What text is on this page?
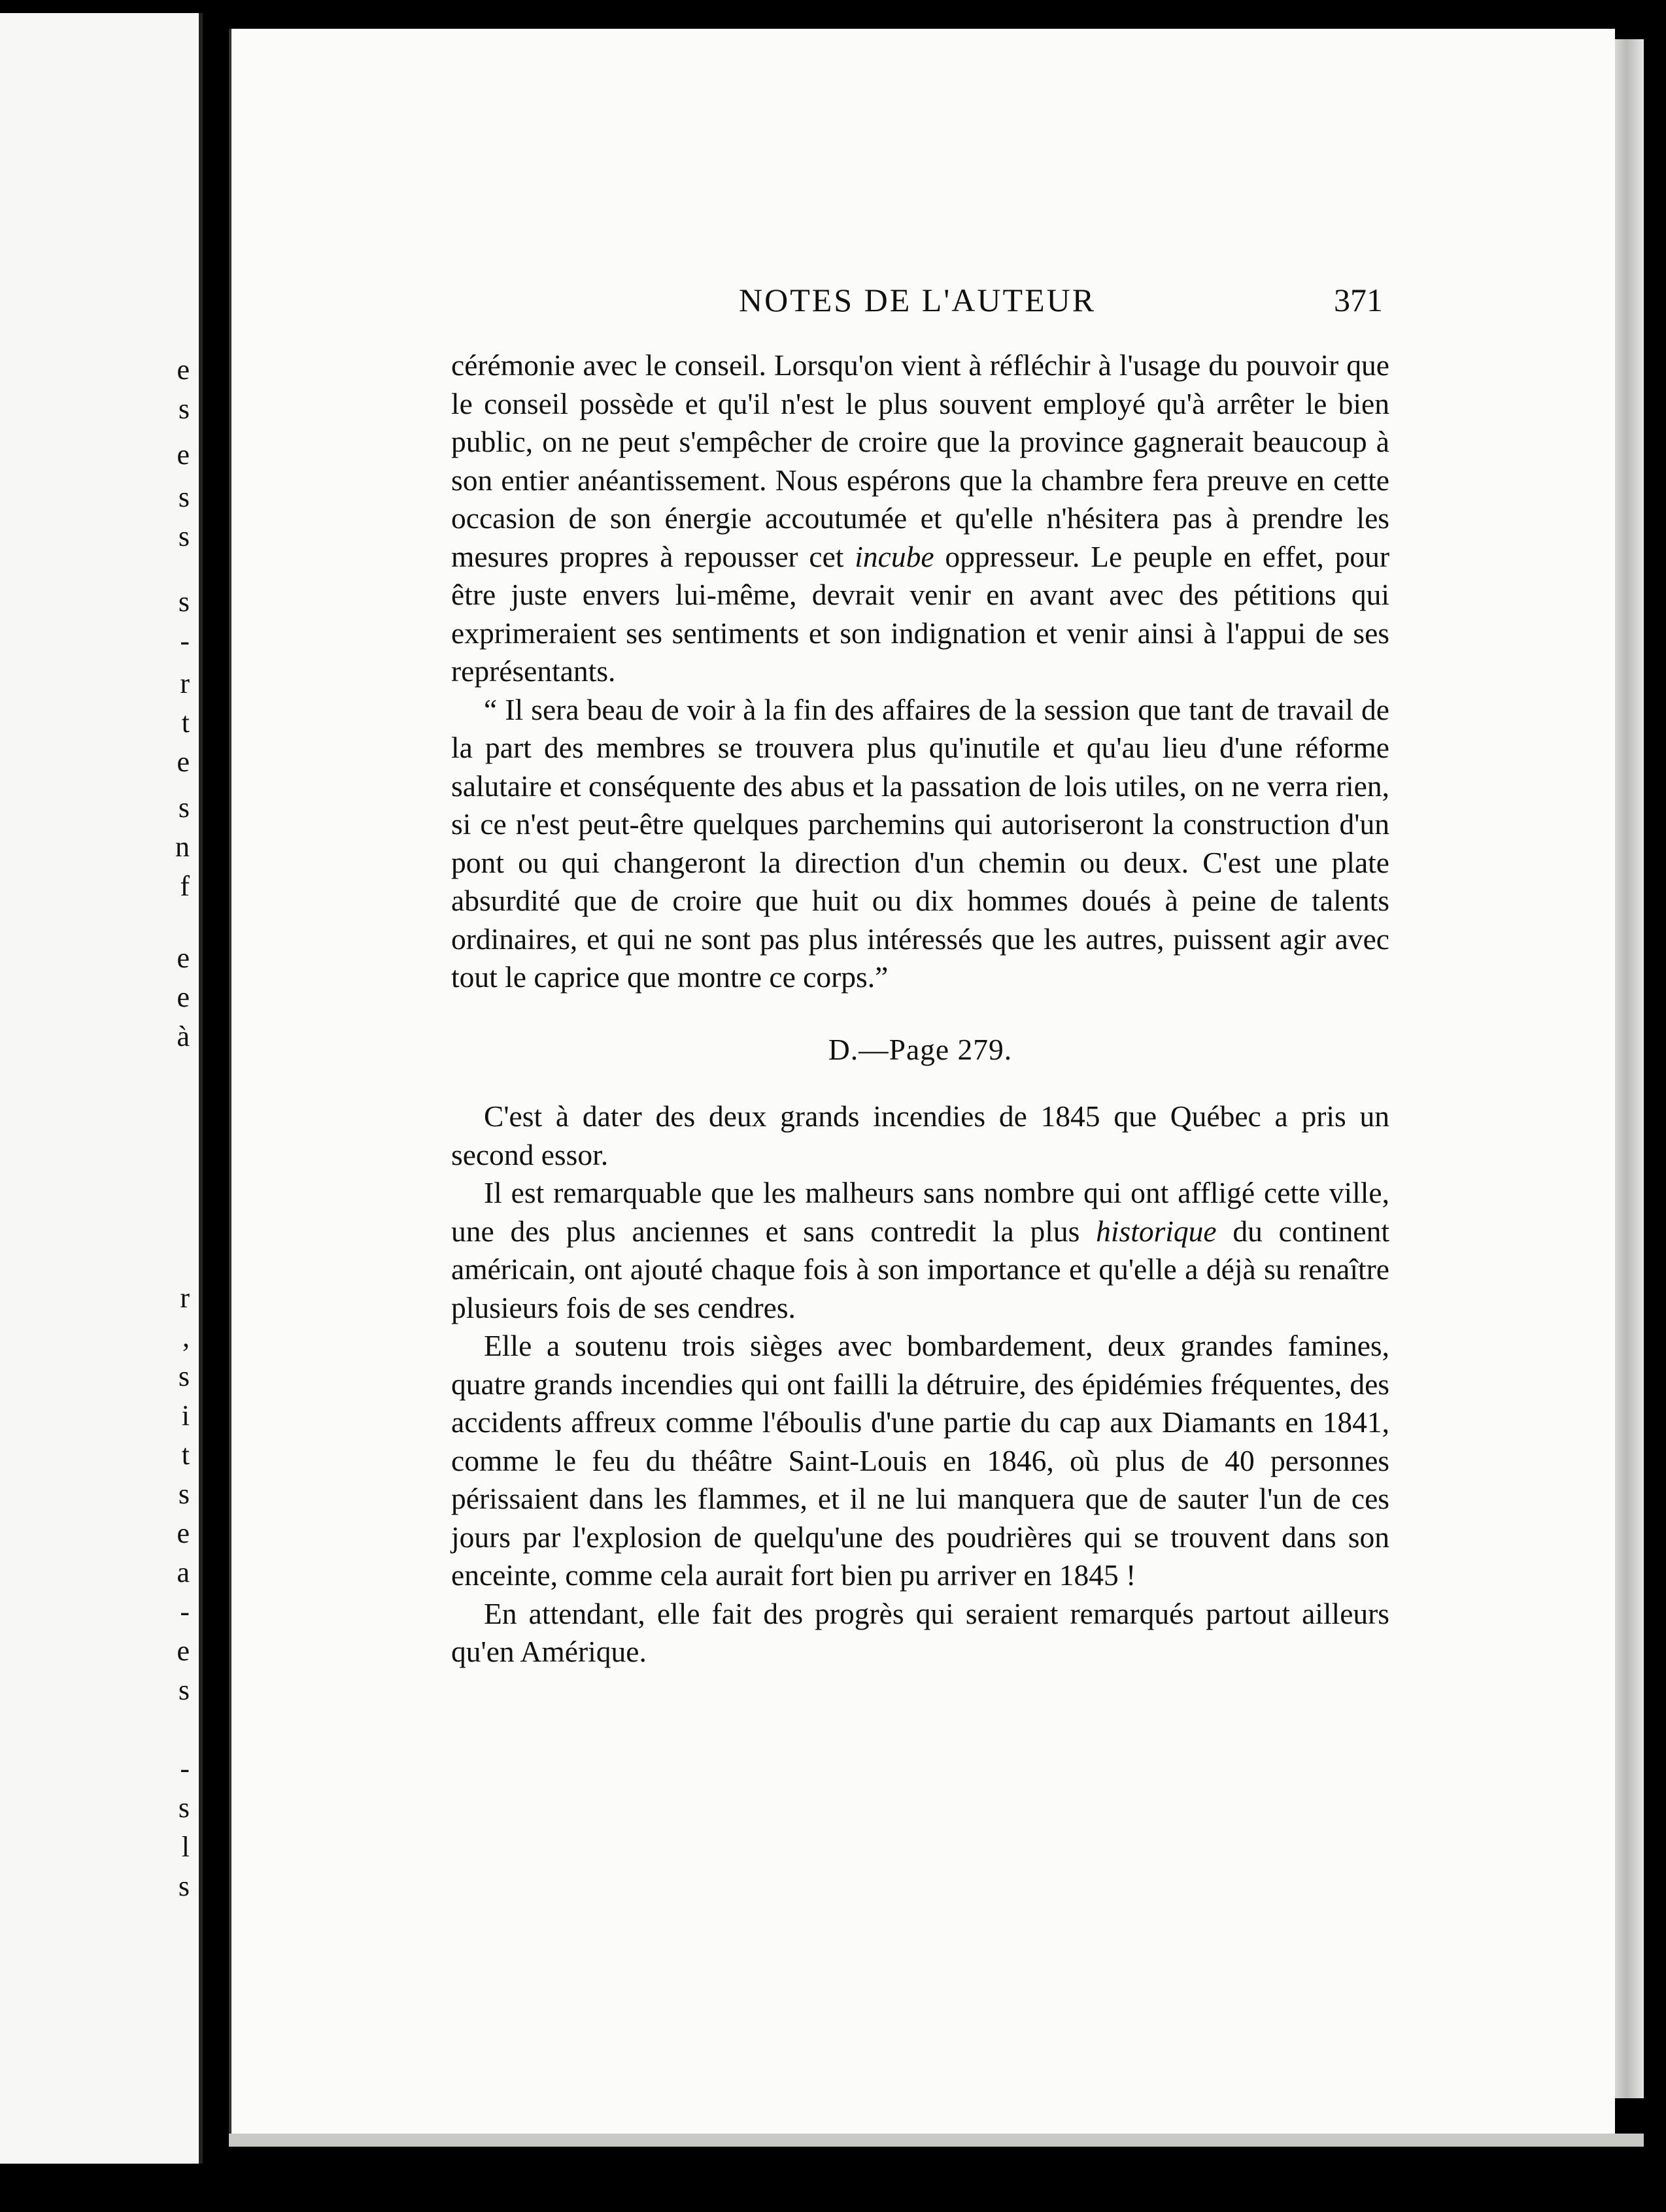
e
s
e
s
s
s
-
r
t
e
s
n
f
e
e
à
r
,
s
i
t
s
e
a
-
e
s
-
s
l
s
NOTES DE L'AUTEUR	371

cérémonie avec le conseil. Lorsqu'on vient à réfléchir à l'usage du pouvoir que le conseil possède et qu'il n'est le plus souvent employé qu'à arrêter le bien public, on ne peut s'empêcher de croire que la province gagnerait beaucoup à son entier anéantissement. Nous espérons que la chambre fera preuve en cette occasion de son énergie accoutumée et qu'elle n'hésitera pas à prendre les mesures propres à repousser cet incube oppresseur. Le peuple en effet, pour être juste envers lui-même, devrait venir en avant avec des pétitions qui exprimeraient ses sentiments et son indignation et venir ainsi à l'appui de ses représentants.

“ Il sera beau de voir à la fin des affaires de la session que tant de travail de la part des membres se trouvera plus qu'inutile et qu'au lieu d'une réforme salutaire et conséquente des abus et la passation de lois utiles, on ne verra rien, si ce n'est peut-être quelques parchemins qui autoriseront la construction d'un pont ou qui changeront la direction d'un chemin ou deux. C'est une plate absurdité que de croire que huit ou dix hommes doués à peine de talents ordinaires, et qui ne sont pas plus intéressés que les autres, puissent agir avec tout le caprice que montre ce corps.”

D.—Page 279.

C'est à dater des deux grands incendies de 1845 que Québec a pris un second essor.

Il est remarquable que les malheurs sans nombre qui ont affligé cette ville, une des plus anciennes et sans contredit la plus historique du continent américain, ont ajouté chaque fois à son importance et qu'elle a déjà su renaître plusieurs fois de ses cendres.

Elle a soutenu trois sièges avec bombardement, deux grandes famines, quatre grands incendies qui ont failli la détruire, des épidémies fréquentes, des accidents affreux comme l'éboulis d'une partie du cap aux Diamants en 1841, comme le feu du théâtre Saint-Louis en 1846, où plus de 40 personnes périssaient dans les flammes, et il ne lui manquera que de sauter l'un de ces jours par l'explosion de quelqu'une des poudrières qui se trouvent dans son enceinte, comme cela aurait fort bien pu arriver en 1845 !

En attendant, elle fait des progrès qui seraient remarqués partout ailleurs qu'en Amérique.
